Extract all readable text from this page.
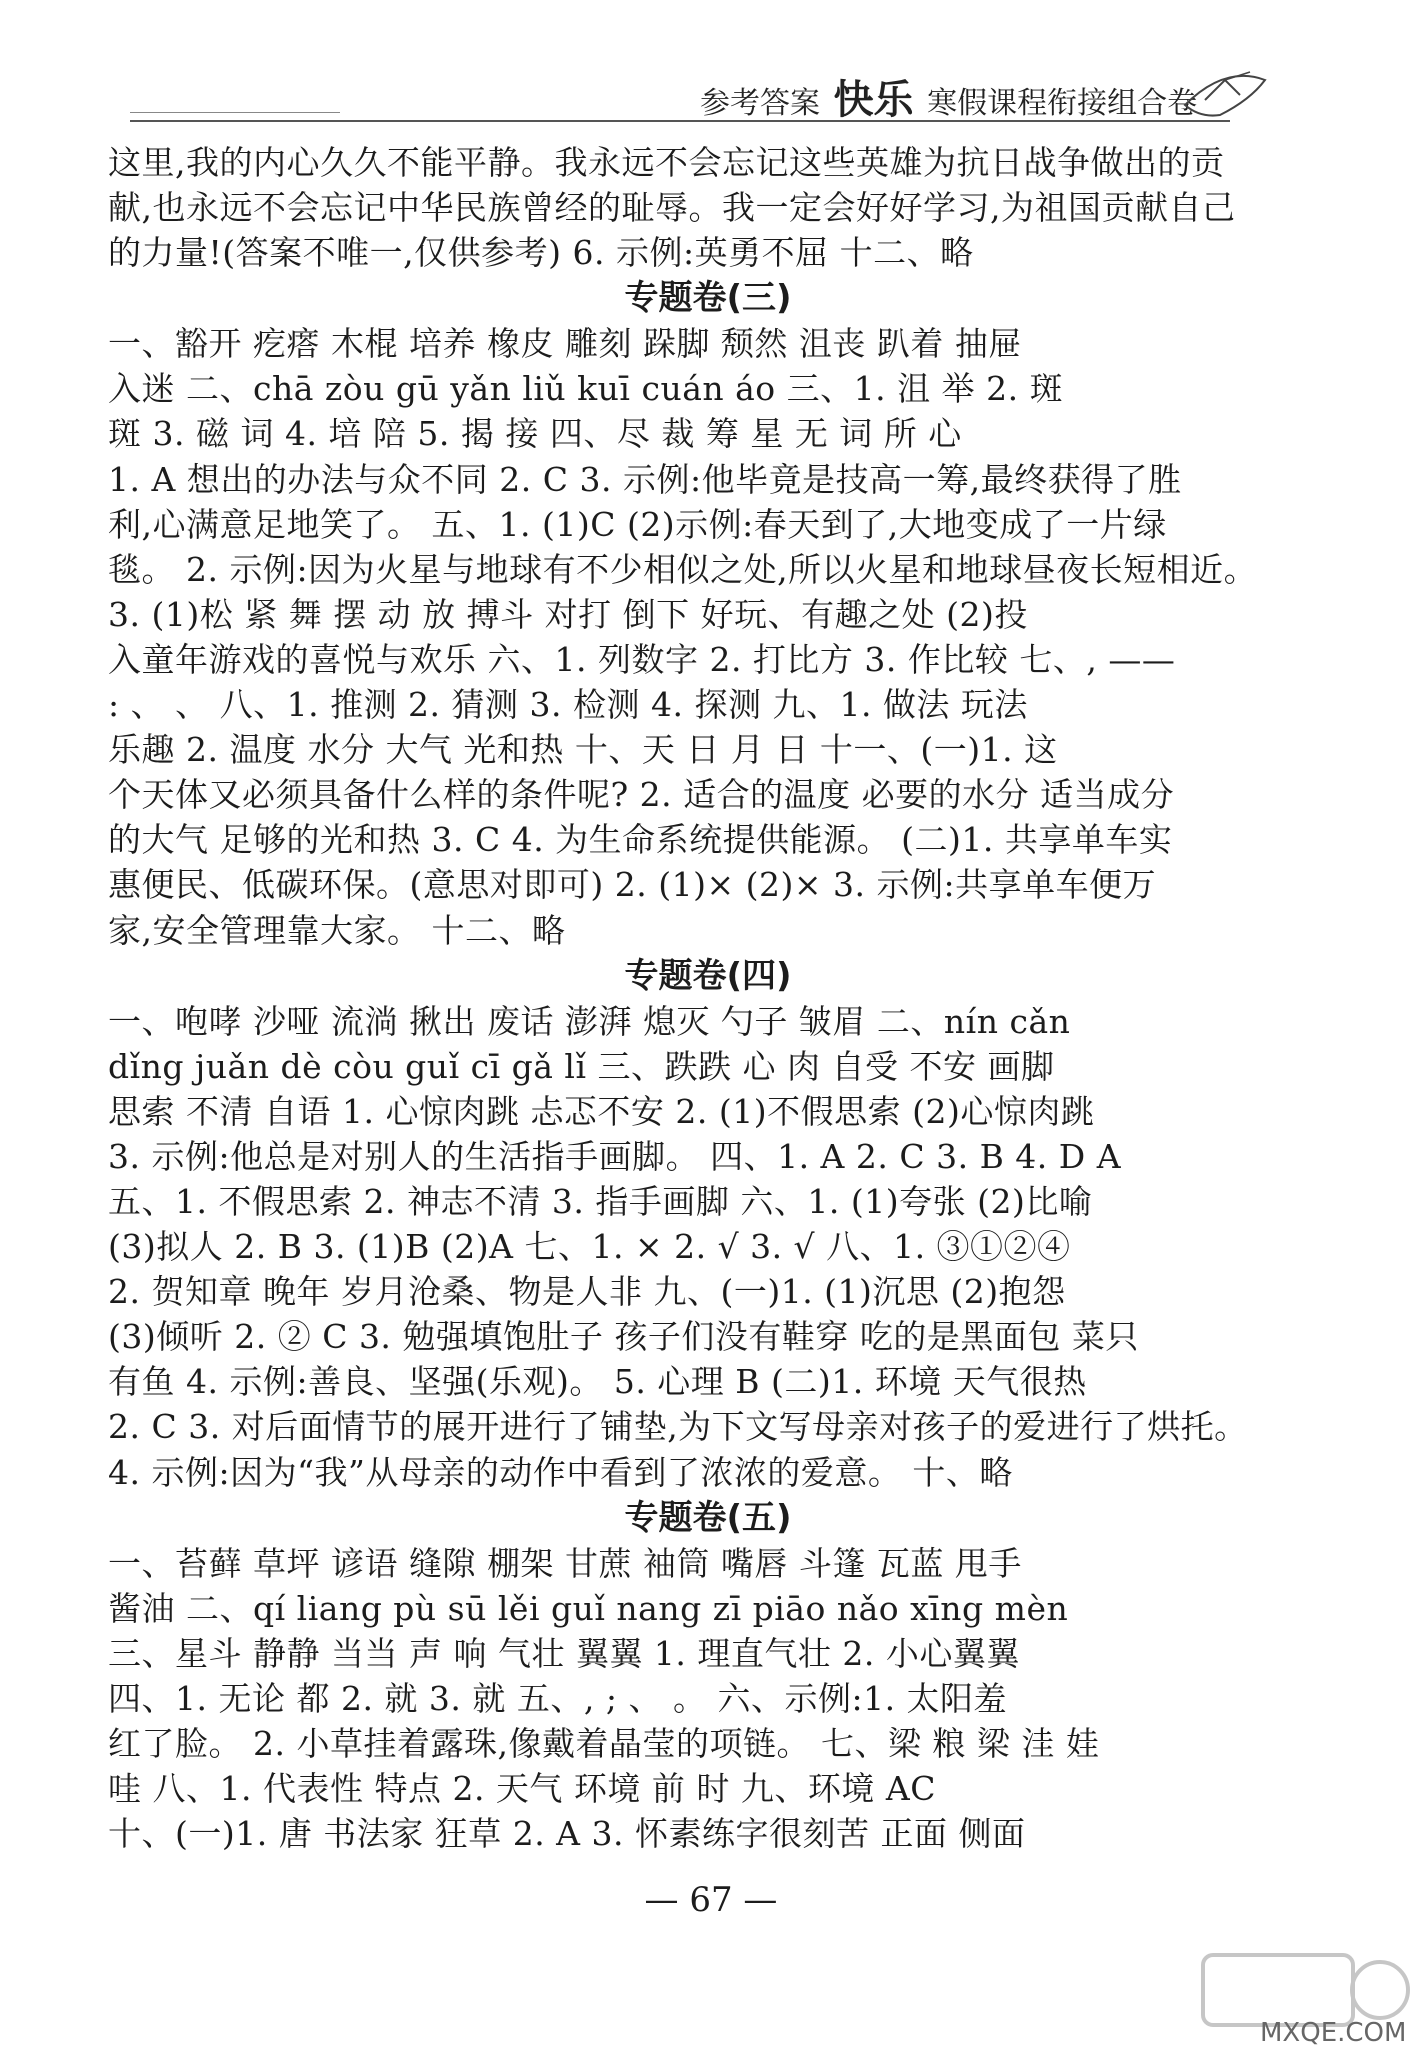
参考答案 快乐 寒假课程衔接组合卷
这里,我的内心久久不能平静。我永远不会忘记这些英雄为抗日战争做出的贡
献,也永远不会忘记中华民族曾经的耻辱。我一定会好好学习,为祖国贡献自己
的力量!(答案不唯一,仅供参考) 6. 示例:英勇不屈 十二、略
专题卷(三)
一、豁开 疙瘩 木棍 培养 橡皮 雕刻 跺脚 颓然 沮丧 趴着 抽屉
入迷 二、chā zòu gū yǎn liǔ kuī cuán áo 三、1. 沮 举 2. 斑
斑 3. 磁 词 4. 培 陪 5. 揭 接 四、尽 裁 筹 星 无 词 所 心
1. A 想出的办法与众不同 2. C 3. 示例:他毕竟是技高一筹,最终获得了胜
利,心满意足地笑了。 五、1. (1)C (2)示例:春天到了,大地变成了一片绿
毯。 2. 示例:因为火星与地球有不少相似之处,所以火星和地球昼夜长短相近。
3. (1)松 紧 舞 摆 动 放 搏斗 对打 倒下 好玩、有趣之处 (2)投
入童年游戏的喜悦与欢乐 六、1. 列数字 2. 打比方 3. 作比较 七、, ——
: 、 、 八、1. 推测 2. 猜测 3. 检测 4. 探测 九、1. 做法 玩法
乐趣 2. 温度 水分 大气 光和热 十、天 日 月 日 十一、(一)1. 这
个天体又必须具备什么样的条件呢? 2. 适合的温度 必要的水分 适当成分
的大气 足够的光和热 3. C 4. 为生命系统提供能源。 (二)1. 共享单车实
惠便民、低碳环保。(意思对即可) 2. (1)× (2)× 3. 示例:共享单车便万
家,安全管理靠大家。 十二、略
专题卷(四)
一、咆哮 沙哑 流淌 揪出 废话 澎湃 熄灭 勺子 皱眉 二、nín cǎn
dǐng juǎn dè còu guǐ cī gǎ lǐ 三、跌跌 心 肉 自受 不安 画脚
思索 不清 自语 1. 心惊肉跳 忐忑不安 2. (1)不假思索 (2)心惊肉跳
3. 示例:他总是对别人的生活指手画脚。 四、1. A 2. C 3. B 4. D A
五、1. 不假思索 2. 神志不清 3. 指手画脚 六、1. (1)夸张 (2)比喻
(3)拟人 2. B 3. (1)B (2)A 七、1. × 2. √ 3. √ 八、1. ③①②④
2. 贺知章 晚年 岁月沧桑、物是人非 九、(一)1. (1)沉思 (2)抱怨
(3)倾听 2. ② C 3. 勉强填饱肚子 孩子们没有鞋穿 吃的是黑面包 菜只
有鱼 4. 示例:善良、坚强(乐观)。 5. 心理 B (二)1. 环境 天气很热
2. C 3. 对后面情节的展开进行了铺垫,为下文写母亲对孩子的爱进行了烘托。
4. 示例:因为“我”从母亲的动作中看到了浓浓的爱意。 十、略
专题卷(五)
一、苔藓 草坪 谚语 缝隙 棚架 甘蔗 袖筒 嘴唇 斗篷 瓦蓝 甩手
酱油 二、qí liang pù sū lěi guǐ nang zī piāo nǎo xīng mèn
三、星斗 静静 当当 声 响 气壮 翼翼 1. 理直气壮 2. 小心翼翼
四、1. 无论 都 2. 就 3. 就 五、, ; 、 。 六、示例:1. 太阳羞
红了脸。 2. 小草挂着露珠,像戴着晶莹的项链。 七、梁 粮 梁 洼 娃
哇 八、1. 代表性 特点 2. 天气 环境 前 时 九、环境 AC
十、(一)1. 唐 书法家 狂草 2. A 3. 怀素练字很刻苦 正面 侧面
— 67 —
MXQE.COM
